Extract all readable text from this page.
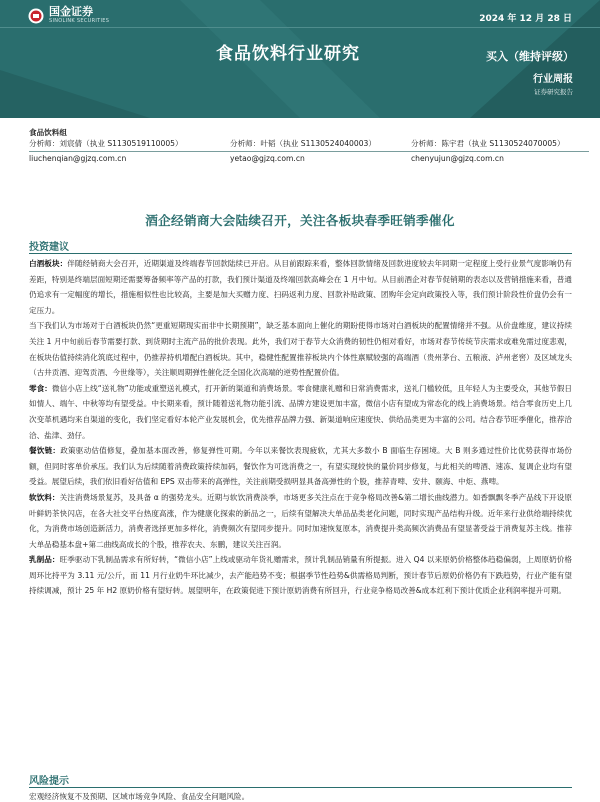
国金证券
SINOLINK SECURITIES	2024 年 12 月 28 日
食品饮料行业研究	买入（维持评级）
行业周报
证券研究报告
食品饮料组
分析师：刘宸倩（执业 S1130519110005）	分析师：叶韬（执业 S1130524040003）	分析师：陈宇君（执业 S1130524070005）
liuchenqian@gjzq.com.cn	yetao@gjzq.com.cn	chenyujun@gjzq.com.cn
酒企经销商大会陆续召开，关注各板块春季旺销季催化
投资建议

白酒板块：伴随经销商大会召开，近期渠道及终端春节回款陆续已开启。从目前跟踪来看，整体回款情绪及回款进度较去年同期一定程度上受行业景气度影响仍有差距，特别是终端层面短期还需要筹备频率等产品的打款，我们预计渠道及终端回款高峰会在 1 月中旬。从目前酒企对春节促销期的表态以及营销措施来看，普通仍追求有一定幅度的增长，措施相似性也比较高，主要是加大买赠力度、扫码返利力度、回款补贴政策、团购年会定向政策投入等，我们预计阶段性价盘仍会有一定压力。

当下我们认为市场对于白酒板块仍然“更重短期现实而非中长期预期”，缺乏基本面向上催化的期盼使得市场对白酒板块的配置情绪并不强。从价盘维度，建议持续关注 1 月中旬前后春节需要打款、到货期时主流产品的批价表现。此外，我们对于春节大众消费的韧性仍相对看好，市场对春节传统节庆需求或难免需过度悲观，在板块估值持续消化筑底过程中，仍推荐持机增配白酒板块。其中，稳健性配置推荐板块内个体性禀赋较强的高端酒（贵州茅台、五粮液、泸州老窖）及区域龙头（古井贡酒、迎驾贡酒、今世缘等），关注顺周期弹性催化泛全国化次高端的逆势性配置价值。

零食：微信小店上线“送礼物”功能或重塑送礼模式，打开新的渠道和消费场景。零食健康礼赠和日常消费需求，送礼门槛较低，且年轻人为主要受众，其他节假日如情人、端午、中秋等均有望受益。中长期来看，预计随着送礼物功能引流、品牌方建设更加丰富，微信小店有望成为常态化的线上消费场景。结合零食历史上几次变革机遇均来自渠道的变化，我们坚定看好本轮产业发展机会，优先推荐品牌力强、新渠道响应速度快、供给品类更为丰富的公司。结合春节旺季催化，推荐洽洽、盐津、劲仔。

餐饮链：政策驱动估值修复，叠加基本面改善，修复弹性可期。今年以来餐饮表现疲软，尤其大多数小 B 面临生存困境。大 B 则多通过性价比优势获得市场份额，但同时客单价承压。我们认为后续随着消费政策持续加码，餐饮作为可选消费之一，有望实现较快的量价同步修复，与此相关的啤酒、速冻、复调企业均有望受益。展望后续，我们依旧看好估值和 EPS 双击带来的高弹性，关注前期受损明显具备高弹性的个股，推荐青啤、安井、颐海、中炬、燕啤。

软饮料：关注消费场景复苏，及具备 α 的强势龙头。近期与软饮消费淡季，市场更多关注点在于竞争格局改善&第二增长曲线潜力。如香飘飘冬季产品线下开设原叶鲜奶茶快闪店，在各大社交平台热度高涨，作为健康化探索的新品之一，后续有望解决大单品品类老化问题，同时实现产品结构升级。近年来行业供给端持续优化，为消费市场创造新活力，消费者选择更加多样化，消费频次有望同步提升。同时加速恢复原本，消费提升类高频次消费品有望显著受益于消费复苏主线。推荐大单品稳基本盘+第二曲线高成长的个股，推荐农夫、东鹏，建议关注百润。

乳制品：旺季驱动下乳制品需求有所好转，“微信小店”上线或驱动年货礼赠需求，预计乳制品销量有所提振。进入 Q4 以来原奶价格整体趋稳偏弱，上周原奶价格周环比持平为 3.11 元/公斤，而 11 月行业奶牛环比减少，去产能趋势不变；根据季节性趋势&供需格局判断，预计春节后原奶价格仍有下跌趋势，行业产能有望持续调减，预计 25 年 H2 原奶价格有望好转。展望明年，在政策促进下预计原奶消费有所回升，行业竞争格局改善&成本红利下预计优质企业利润率提升可期。

风险提示
宏观经济恢复不及预期、区域市场竞争风险、食品安全问题风险。
